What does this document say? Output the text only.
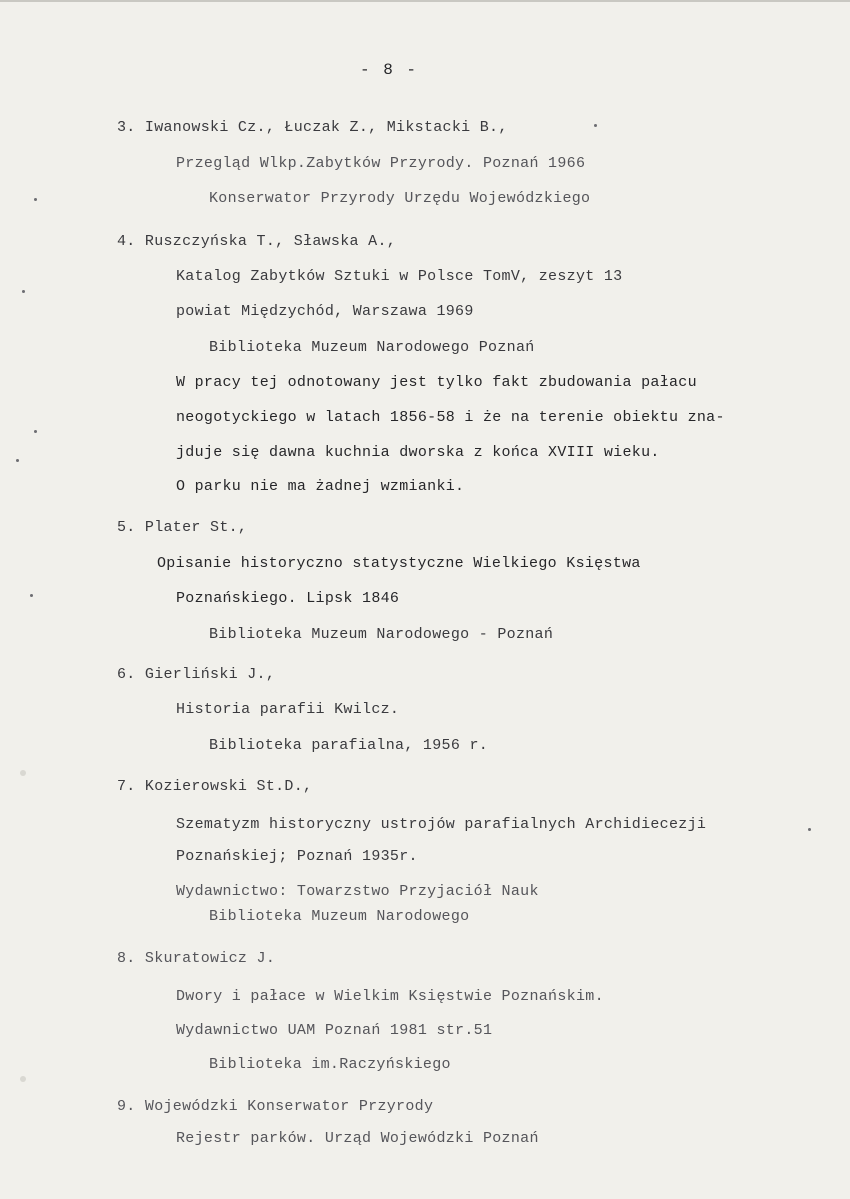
- 8 -
3. Iwanowski Cz., Łuczak Z., Mikstacki B.,
Przegląd Wlkp.Zabytków Przyrody. Poznań 1966
Konserwator Przyrody Urzędu Wojewódzkiego
4. Ruszczyńska T., Sławska A.,
Katalog Zabytków Sztuki w Polsce TomV, zeszyt 13
powiat Międzychód, Warszawa 1969
Biblioteka Muzeum Narodowego Poznań
W pracy tej odnotowany jest tylko fakt zbudowania pałacu
neogotyckiego w latach 1856-58 i że na terenie obiektu zna-
jduje się dawna kuchnia dworska z końca XVIII wieku.
O parku nie ma żadnej wzmianki.
5. Plater St.,
Opisanie historyczno statystyczne Wielkiego Księstwa
Poznańskiego. Lipsk 1846
Biblioteka Muzeum Narodowego - Poznań
6. Gierliński J.,
Historia parafii Kwilcz.
Biblioteka parafialna, 1956 r.
7. Kozierowski St.D.,
Szematyzm historyczny ustrojów parafialnych Archidiecezji
Poznańskiej; Poznań 1935r.
Wydawnictwo: Towarzstwo Przyjaciół Nauk
Biblioteka Muzeum Narodowego
8. Skuratowicz J.
Dwory i pałace w Wielkim Księstwie Poznańskim.
Wydawnictwo UAM Poznań 1981 str.51
Biblioteka im.Raczyńskiego
9. Wojewódzki Konserwator Przyrody
Rejestr parków. Urząd Wojewódzki Poznań
